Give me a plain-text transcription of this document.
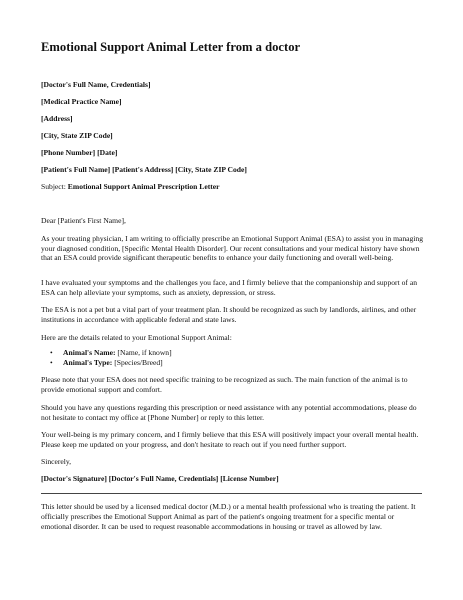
Emotional Support Animal Letter from a doctor
[Doctor's Full Name, Credentials]
[Medical Practice Name]
[Address]
[City, State ZIP Code]
[Phone Number] [Date]
[Patient's Full Name] [Patient's Address] [City, State ZIP Code]
Subject: Emotional Support Animal Prescription Letter
Dear [Patient's First Name],
As your treating physician, I am writing to officially prescribe an Emotional Support Animal (ESA) to assist you in managing your diagnosed condition, [Specific Mental Health Disorder]. Our recent consultations and your medical history have shown that an ESA could provide significant therapeutic benefits to enhance your daily functioning and overall well-being.
I have evaluated your symptoms and the challenges you face, and I firmly believe that the companionship and support of an ESA can help alleviate your symptoms, such as anxiety, depression, or stress.
The ESA is not a pet but a vital part of your treatment plan. It should be recognized as such by landlords, airlines, and other institutions in accordance with applicable federal and state laws.
Here are the details related to your Emotional Support Animal:
• Animal's Name: [Name, if known]
• Animal's Type: [Species/Breed]
Please note that your ESA does not need specific training to be recognized as such. The main function of the animal is to provide emotional support and comfort.
Should you have any questions regarding this prescription or need assistance with any potential accommodations, please do not hesitate to contact my office at [Phone Number] or reply to this letter.
Your well-being is my primary concern, and I firmly believe that this ESA will positively impact your overall mental health. Please keep me updated on your progress, and don't hesitate to reach out if you need further support.
Sincerely,
[Doctor's Signature] [Doctor's Full Name, Credentials] [License Number]
This letter should be used by a licensed medical doctor (M.D.) or a mental health professional who is treating the patient. It officially prescribes the Emotional Support Animal as part of the patient's ongoing treatment for a specific mental or emotional disorder. It can be used to request reasonable accommodations in housing or travel as allowed by law.
